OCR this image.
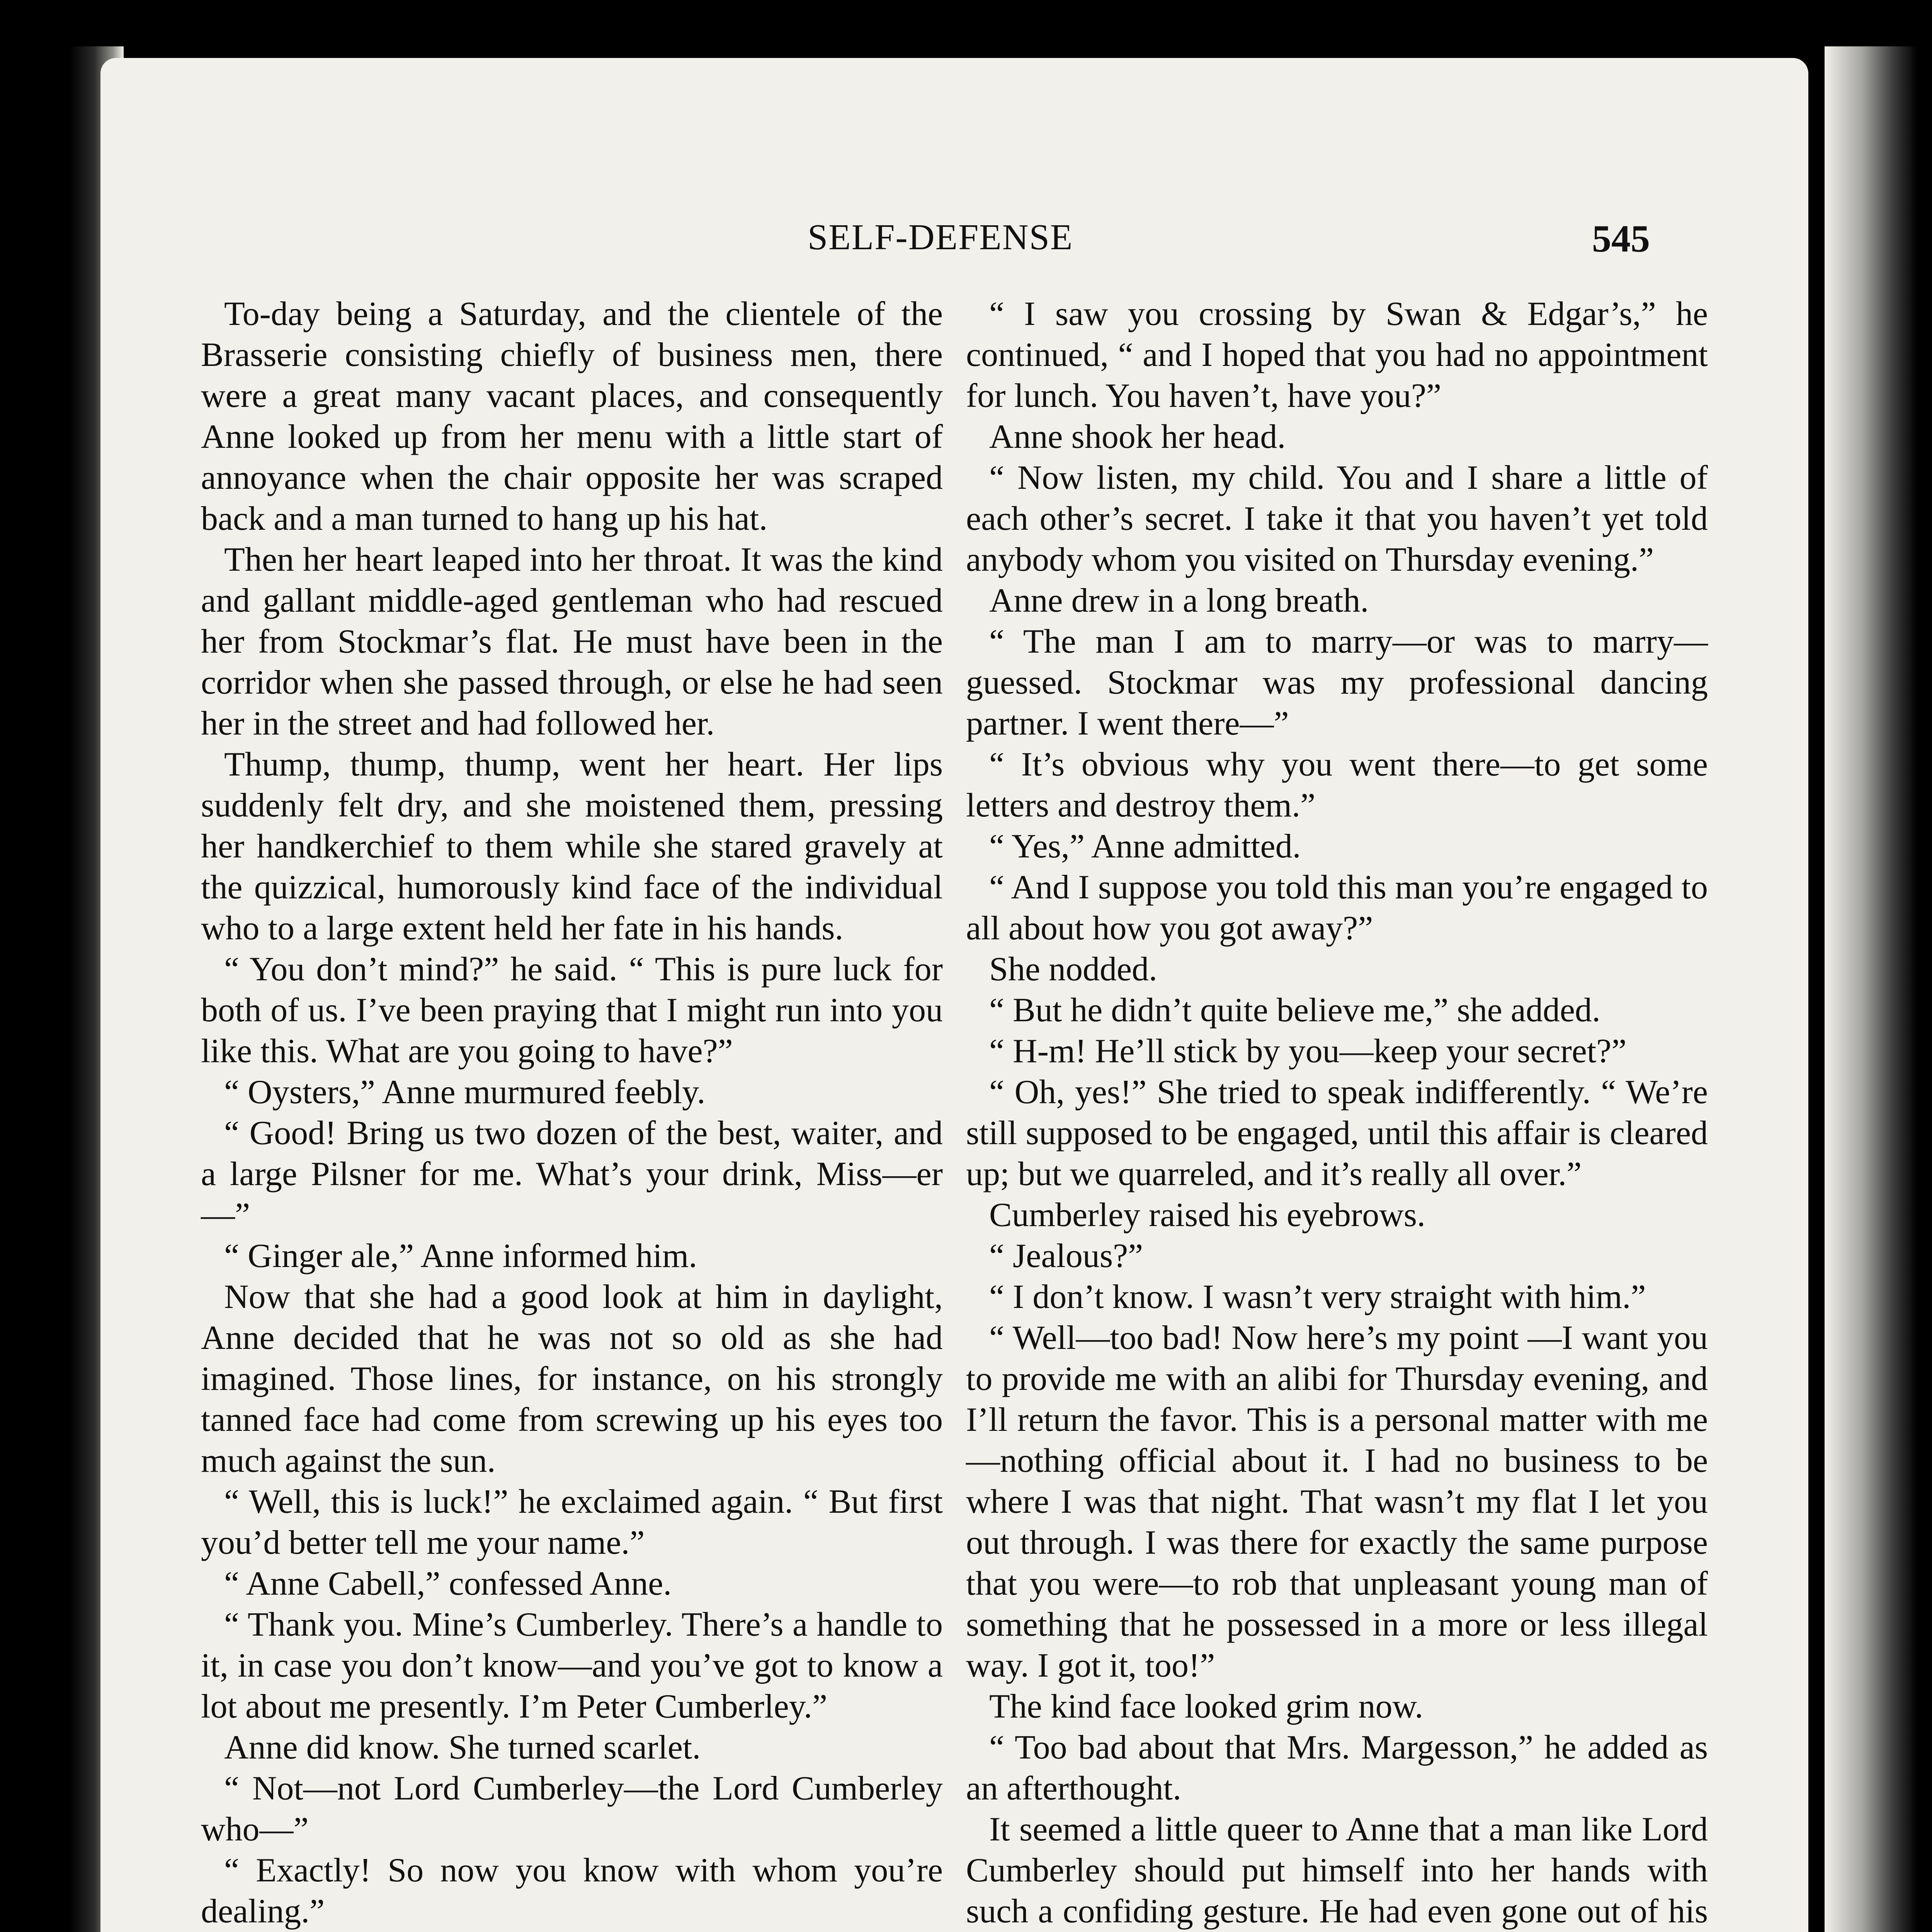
SELF-DEFENSE	545

To-day being a Saturday, and the clientele of the Brasserie consisting chiefly of business men, there were a great many vacant places, and consequently Anne looked up from her menu with a little start of annoyance when the chair opposite her was scraped back and a man turned to hang up his hat.

Then her heart leaped into her throat. It was the kind and gallant middle-aged gentleman who had rescued her from Stockmar’s flat. He must have been in the corridor when she passed through, or else he had seen her in the street and had followed her.

Thump, thump, thump, went her heart. Her lips suddenly felt dry, and she moistened them, pressing her handkerchief to them while she stared gravely at the quizzical, humorously kind face of the individual who to a large extent held her fate in his hands.

“ You don’t mind?” he said. “ This is pure luck for both of us. I’ve been praying that I might run into you like this. What are you going to have?”

“ Oysters,” Anne murmured feebly.

“ Good! Bring us two dozen of the best, waiter, and a large Pilsner for me. What’s your drink, Miss—er—”

“ Ginger ale,” Anne informed him.

Now that she had a good look at him in daylight, Anne decided that he was not so old as she had imagined. Those lines, for instance, on his strongly tanned face had come from screwing up his eyes too much against the sun.

“ Well, this is luck!” he exclaimed again. “ But first you’d better tell me your name.”

“ Anne Cabell,” confessed Anne.

“ Thank you. Mine’s Cumberley. There’s a handle to it, in case you don’t know—and you’ve got to know a lot about me presently. I’m Peter Cumberley.”

Anne did know. She turned scarlet.

“ Not—not Lord Cumberley—the Lord Cumberley who—”

“ Exactly! So now you know with whom you’re dealing.”

“ I saw you crossing by Swan & Edgar’s,” he continued, “ and I hoped that you had no appointment for lunch. You haven’t, have you?”

Anne shook her head.

“ Now listen, my child. You and I share a little of each other’s secret. I take it that you haven’t yet told anybody whom you visited on Thursday evening.”

Anne drew in a long breath.

“ The man I am to marry—or was to marry—guessed. Stockmar was my professional dancing partner. I went there—”

“ It’s obvious why you went there—to get some letters and destroy them.”

“ Yes,” Anne admitted.

“ And I suppose you told this man you’re engaged to all about how you got away?”

She nodded.

“ But he didn’t quite believe me,” she added.

“ H-m! He’ll stick by you—keep your secret?”

“ Oh, yes!” She tried to speak indifferently. “ We’re still supposed to be engaged, until this affair is cleared up; but we quarreled, and it’s really all over.”

Cumberley raised his eyebrows.

“ Jealous?”

“ I don’t know. I wasn’t very straight with him.”

“ Well—too bad! Now here’s my point —I want you to provide me with an alibi for Thursday evening, and I’ll return the favor. This is a personal matter with me —nothing official about it. I had no business to be where I was that night. That wasn’t my flat I let you out through. I was there for exactly the same purpose that you were—to rob that unpleasant young man of something that he possessed in a more or less illegal way. I got it, too!”

The kind face looked grim now.

“ Too bad about that Mrs. Margesson,” he added as an afterthought.

It seemed a little queer to Anne that a man like Lord Cumberley should put himself into her hands with such a confiding gesture. He had even gone out of his
